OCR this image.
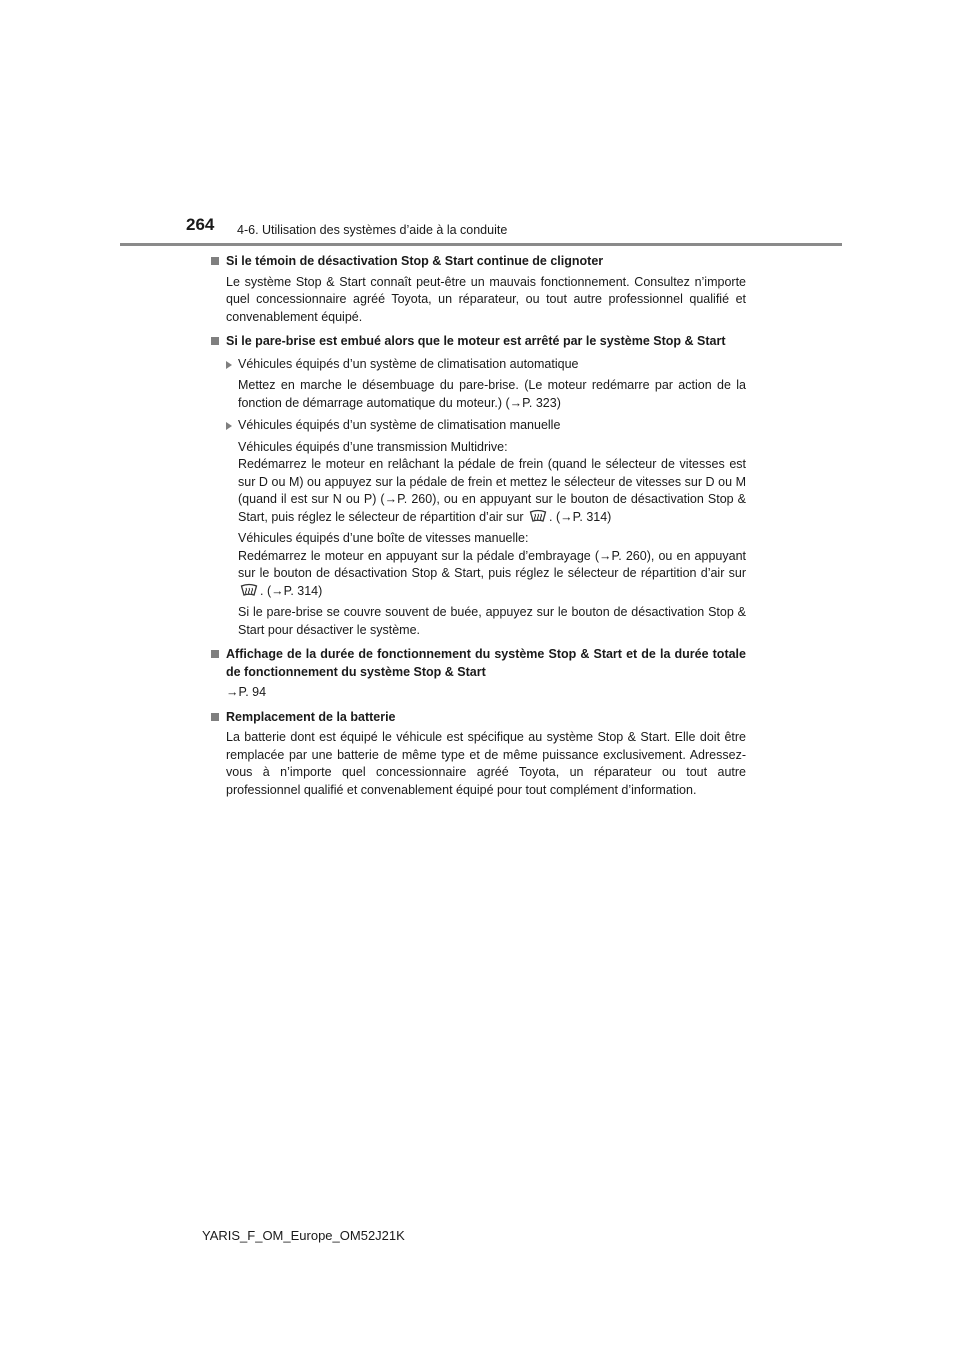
264 4-6. Utilisation des systèmes d’aide à la conduite
Si le témoin de désactivation Stop & Start continue de clignoter
Le système Stop & Start connaît peut-être un mauvais fonctionnement. Consultez n’importe quel concessionnaire agréé Toyota, un réparateur, ou tout autre professionnel qualifié et convenablement équipé.
Si le pare-brise est embué alors que le moteur est arrêté par le système Stop & Start
Véhicules équipés d’un système de climatisation automatique
Mettez en marche le désembuage du pare-brise. (Le moteur redémarre par action de la fonction de démarrage automatique du moteur.) (→P. 323)
Véhicules équipés d’un système de climatisation manuelle
Véhicules équipés d’une transmission Multidrive:
Redémarrez le moteur en relâchant la pédale de frein (quand le sélecteur de vitesses est sur D ou M) ou appuyez sur la pédale de frein et mettez le sélecteur de vitesses sur D ou M (quand il est sur N ou P) (→P. 260), ou en appuyant sur le bouton de désactivation Stop & Start, puis réglez le sélecteur de répartition d’air sur . (→P. 314)
Véhicules équipés d’une boîte de vitesses manuelle:
Redémarrez le moteur en appuyant sur la pédale d’embrayage (→P. 260), ou en appuyant sur le bouton de désactivation Stop & Start, puis réglez le sélecteur de répartition d’air sur . (→P. 314)
Si le pare-brise se couvre souvent de buée, appuyez sur le bouton de désactivation Stop & Start pour désactiver le système.
Affichage de la durée de fonctionnement du système Stop & Start et de la durée totale de fonctionnement du système Stop & Start
→P. 94
Remplacement de la batterie
La batterie dont est équipé le véhicule est spécifique au système Stop & Start. Elle doit être remplacée par une batterie de même type et de même puissance exclusivement. Adressez-vous à n’importe quel concessionnaire agréé Toyota, un réparateur ou tout autre professionnel qualifié et convenablement équipé pour tout complément d’information.
YARIS_F_OM_Europe_OM52J21K
